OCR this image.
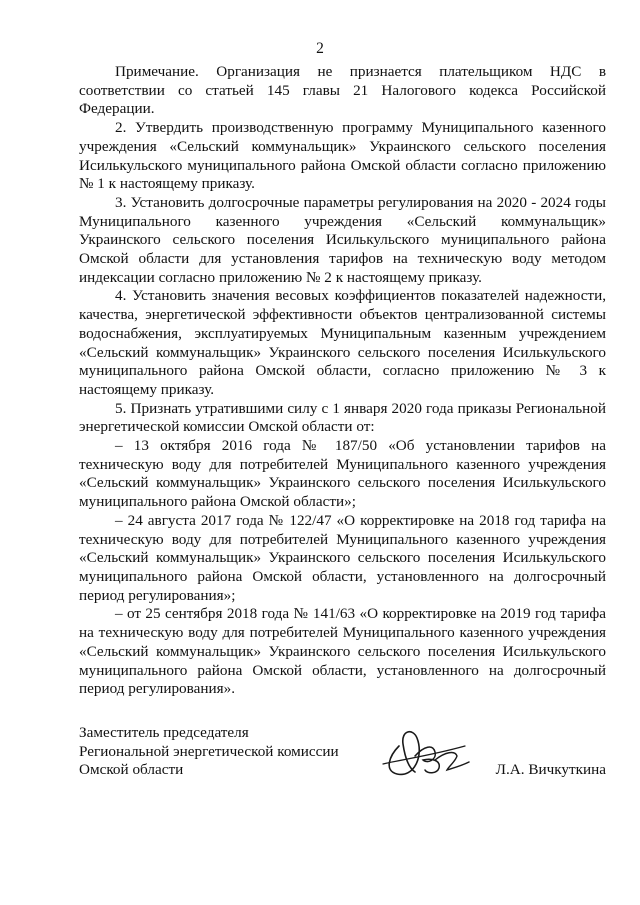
2

Примечание. Организация не признается плательщиком НДС в соответствии со статьей 145 главы 21 Налогового кодекса Российской Федерации.

2. Утвердить производственную программу Муниципального казенного учреждения «Сельский коммунальщик» Украинского сельского поселения Исилькульского муниципального района Омской области согласно приложению № 1 к настоящему приказу.

3. Установить долгосрочные параметры регулирования на 2020 - 2024 годы Муниципального казенного учреждения «Сельский коммунальщик» Украинского сельского поселения Исилькульского муниципального района Омской области для установления тарифов на техническую воду методом индексации согласно приложению № 2 к настоящему приказу.

4. Установить значения весовых коэффициентов показателей надежности, качества, энергетической эффективности объектов централизованной системы водоснабжения, эксплуатируемых Муниципальным казенным учреждением «Сельский коммунальщик» Украинского сельского поселения Исилькульского муниципального района Омской области, согласно приложению № 3 к настоящему приказу.

5. Признать утратившими силу с 1 января 2020 года приказы Региональной энергетической комиссии Омской области от:

– 13 октября 2016 года № 187/50 «Об установлении тарифов на техническую воду для потребителей Муниципального казенного учреждения «Сельский коммунальщик» Украинского сельского поселения Исилькульского муниципального района Омской области»;

– 24 августа 2017 года № 122/47 «О корректировке на 2018 год тарифа на техническую воду для потребителей Муниципального казенного учреждения «Сельский коммунальщик» Украинского сельского поселения Исилькульского муниципального района Омской области, установленного на долгосрочный период регулирования»;

– от 25 сентября 2018 года № 141/63 «О корректировке на 2019 год тарифа на техническую воду для потребителей Муниципального казенного учреждения «Сельский коммунальщик» Украинского сельского поселения Исилькульского муниципального района Омской области, установленного на долгосрочный период регулирования».

Заместитель председателя
Региональной энергетической комиссии
Омской области	Л.А. Вичкуткина
